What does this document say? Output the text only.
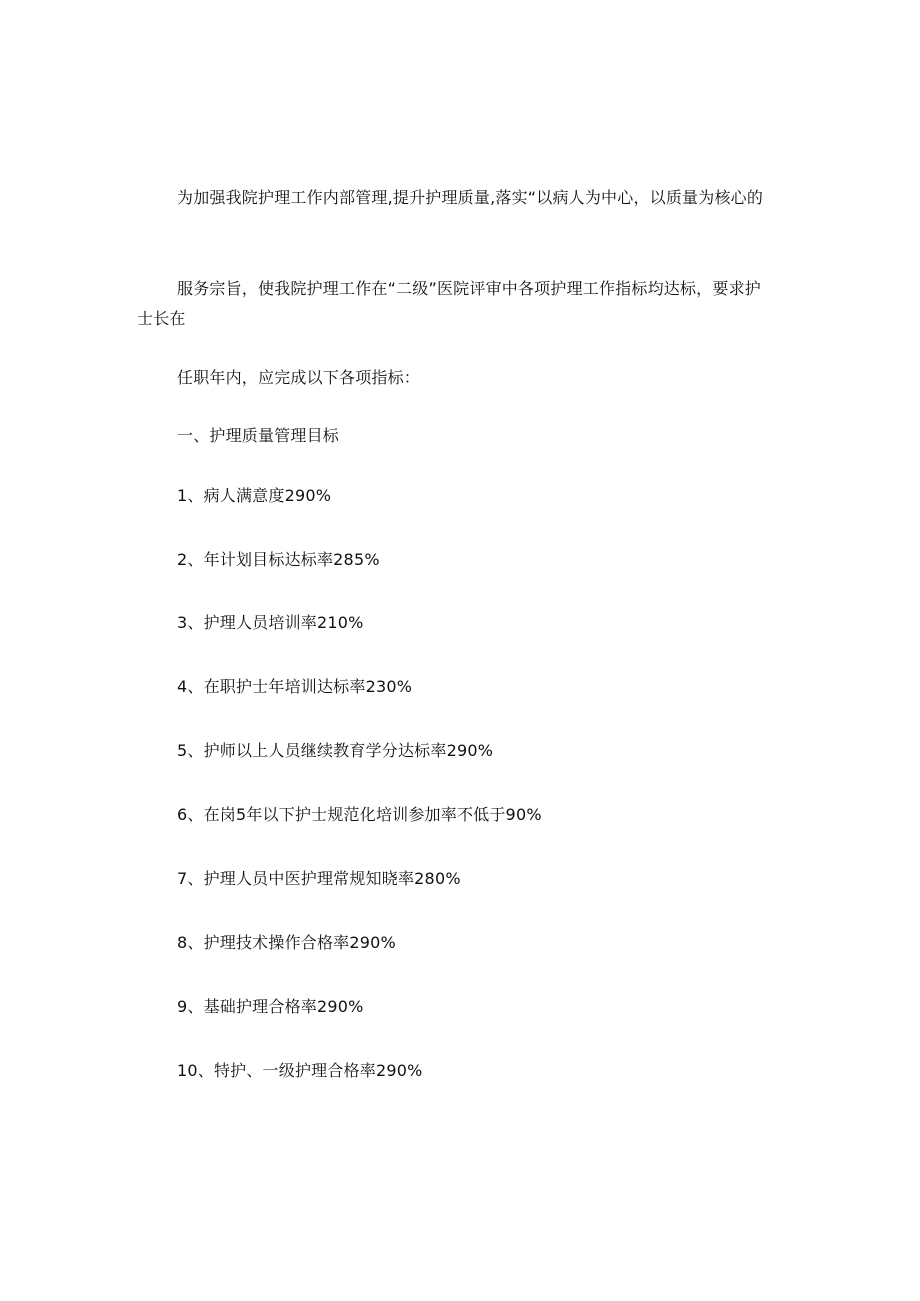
为加强我院护理工作内部管理,提升护理质量,落实“以病人为中心，以质量为核心的

服务宗旨，使我院护理工作在“二级”医院评审中各项护理工作指标均达标，要求护士长在

任职年内，应完成以下各项指标：

一、护理质量管理目标

1、病人满意度290%

2、年计划目标达标率285%

3、护理人员培训率210%

4、在职护士年培训达标率230%

5、护师以上人员继续教育学分达标率290%

6、在岗5年以下护士规范化培训参加率不低于90%

7、护理人员中医护理常规知晓率280%

8、护理技术操作合格率290%

9、基础护理合格率290%

10、特护、一级护理合格率290%
